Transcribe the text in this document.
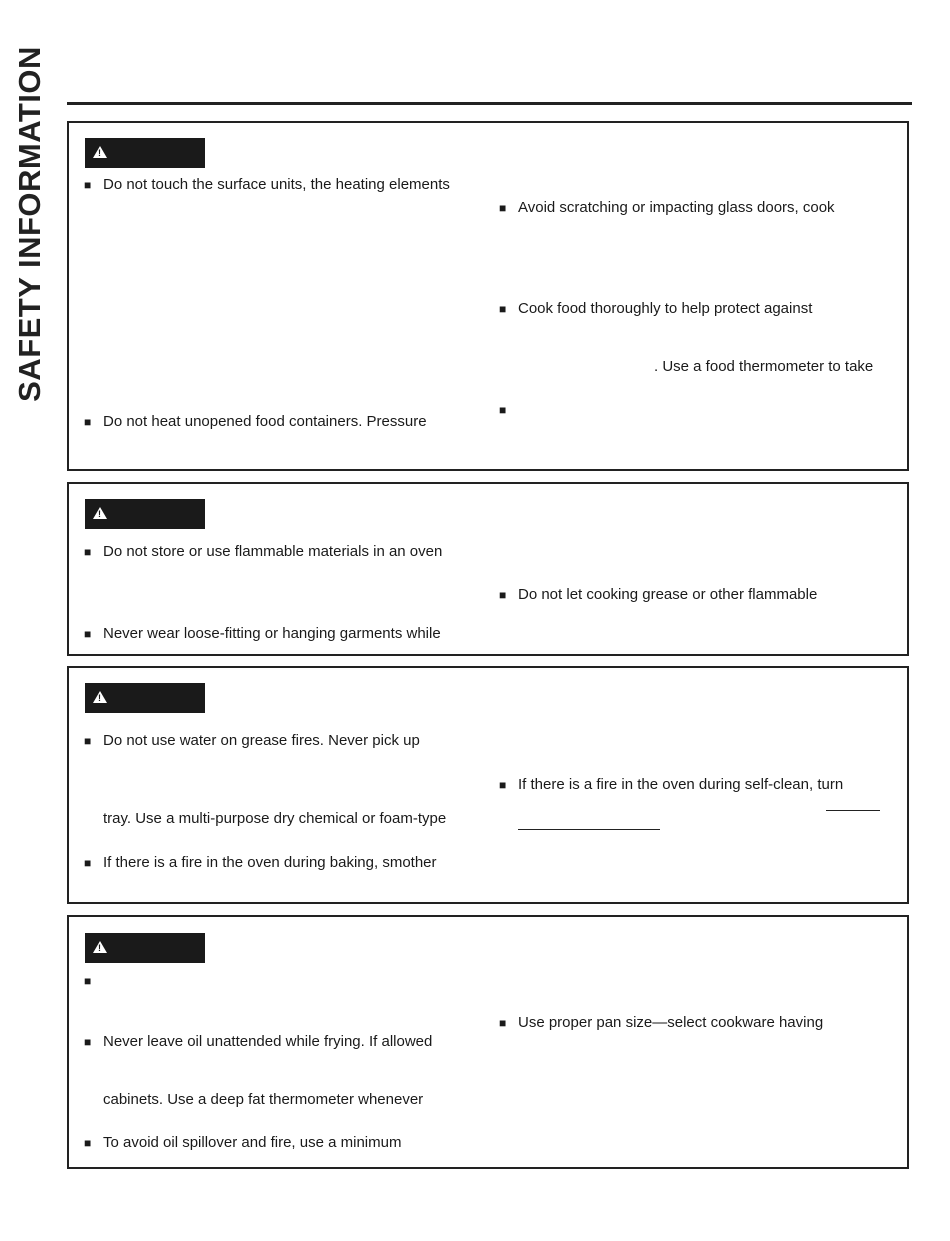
SAFETY INFORMATION
!	■ Do not touch the surface units, the heating elements
■ Avoid scratching or impacting glass doors, cook
■ Cook food thoroughly to help protect against
. Use a food thermometer to take
■
■ Do not heat unopened food containers. Pressure
!
■ Do not store or use flammable materials in an oven
■ Do not let cooking grease or other flammable
■ Never wear loose-fitting or hanging garments while
!
■ Do not use water on grease fires. Never pick up
■ If there is a fire in the oven during self-clean, turn
tray. Use a multi-purpose dry chemical or foam-type
■ If there is a fire in the oven during baking, smother
!
■
■ Use proper pan size—select cookware having
■ Never leave oil unattended while frying. If allowed
cabinets. Use a deep fat thermometer whenever
■ To avoid oil spillover and fire, use a minimum
